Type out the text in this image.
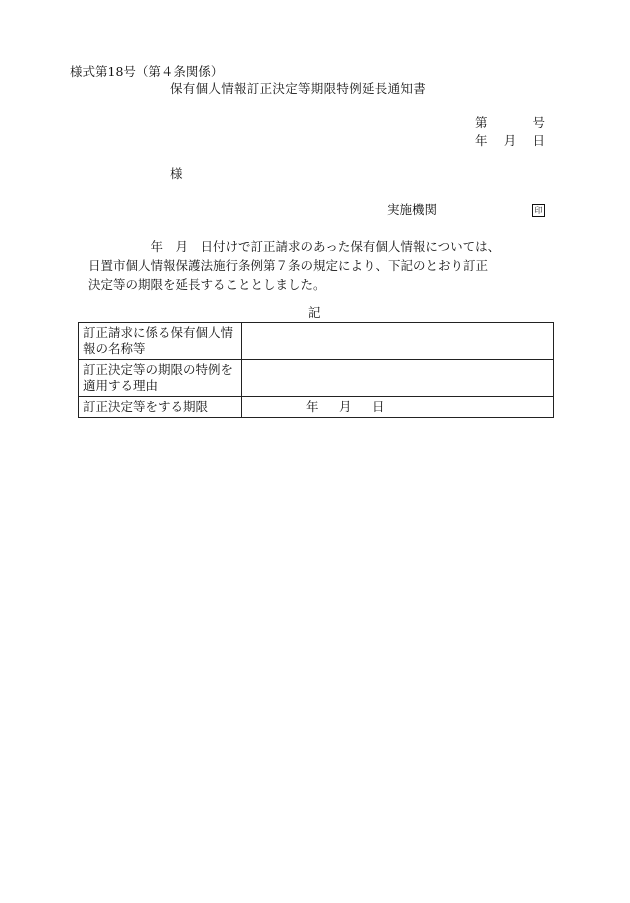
様式第18号（第４条関係）
保有個人情報訂正決定等期限特例延長通知書
第	号
年 月 日
様
実施機関	印
　　　　　年　月　日付けで訂正請求のあった保有個人情報については、
日置市個人情報保護法施行条例第７条の規定により、下記のとおり訂正
決定等の期限を延長することとしました。
記
訂正請求に係る保有個人情報の名称等	
訂正決定等の期限の特例を適用する理由	
訂正決定等をする期限	年　 月　 日
